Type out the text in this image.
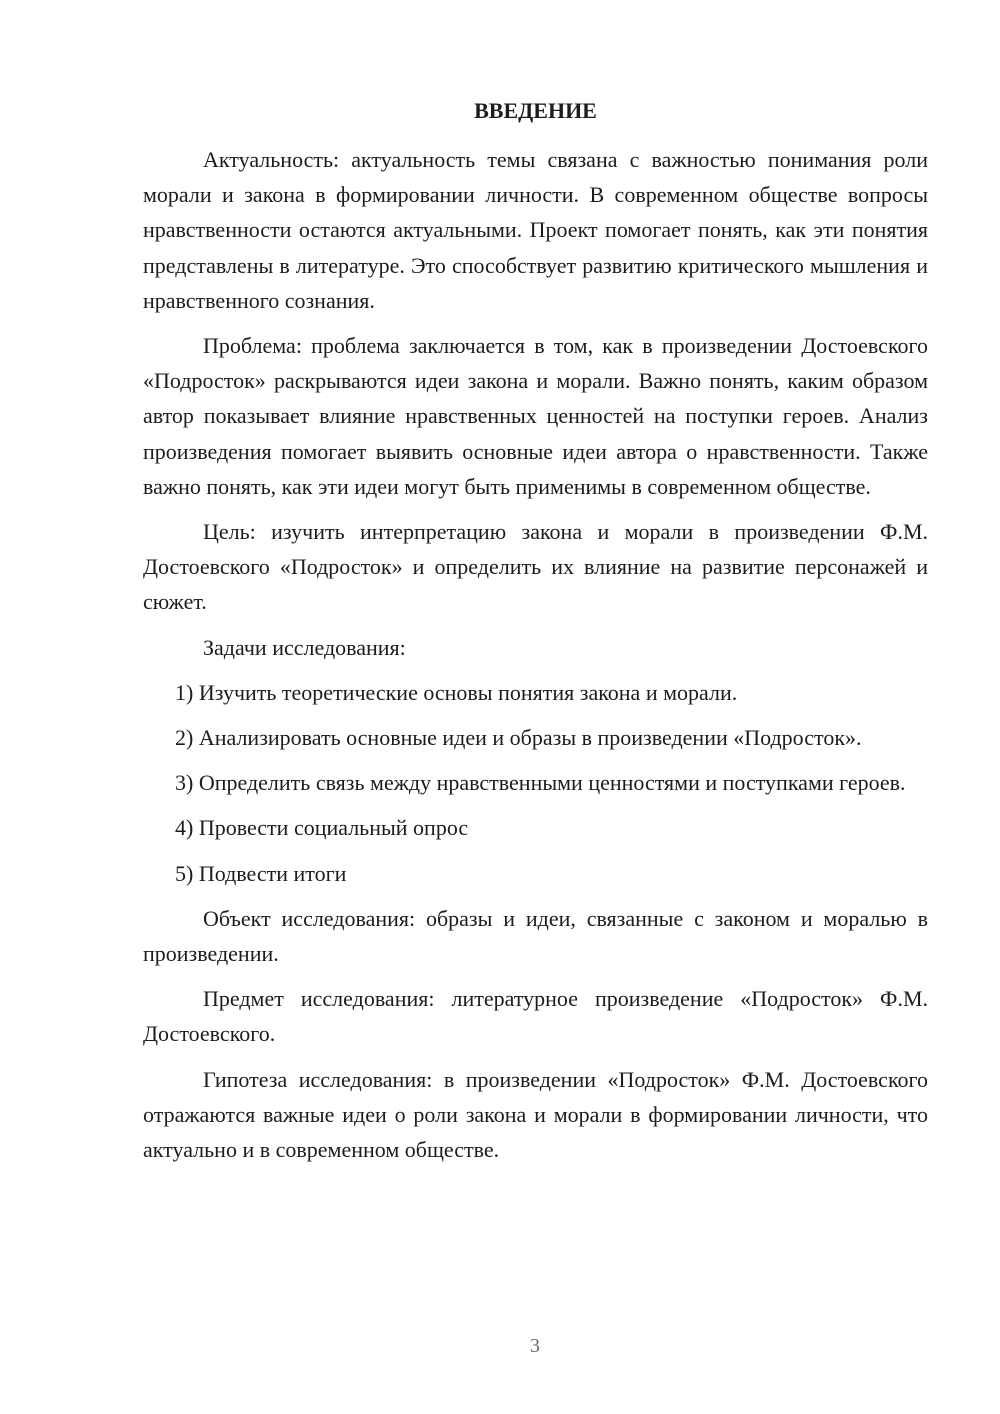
ВВЕДЕНИЕ

Актуальность: актуальность темы связана с важностью понимания роли морали и закона в формировании личности. В современном обществе вопросы нравственности остаются актуальными. Проект помогает понять, как эти понятия представлены в литературе. Это способствует развитию критического мышления и нравственного сознания.

Проблема: проблема заключается в том, как в произведении Достоевского «Подросток» раскрываются идеи закона и морали. Важно понять, каким образом автор показывает влияние нравственных ценностей на поступки героев. Анализ произведения помогает выявить основные идеи автора о нравственности. Также важно понять, как эти идеи могут быть применимы в современном обществе.

Цель: изучить интерпретацию закона и морали в произведении Ф.М. Достоевского «Подросток» и определить их влияние на развитие персонажей и сюжет.

Задачи исследования:

1) Изучить теоретические основы понятия закона и морали.

2) Анализировать основные идеи и образы в произведении «Подросток».

3) Определить связь между нравственными ценностями и поступками героев.

4) Провести социальный опрос

5) Подвести итоги

Объект исследования: образы и идеи, связанные с законом и моралью в произведении.

Предмет исследования: литературное произведение «Подросток» Ф.М. Достоевского.

Гипотеза исследования: в произведении «Подросток» Ф.М. Достоевского отражаются важные идеи о роли закона и морали в формировании личности, что актуально и в современном обществе.

3
